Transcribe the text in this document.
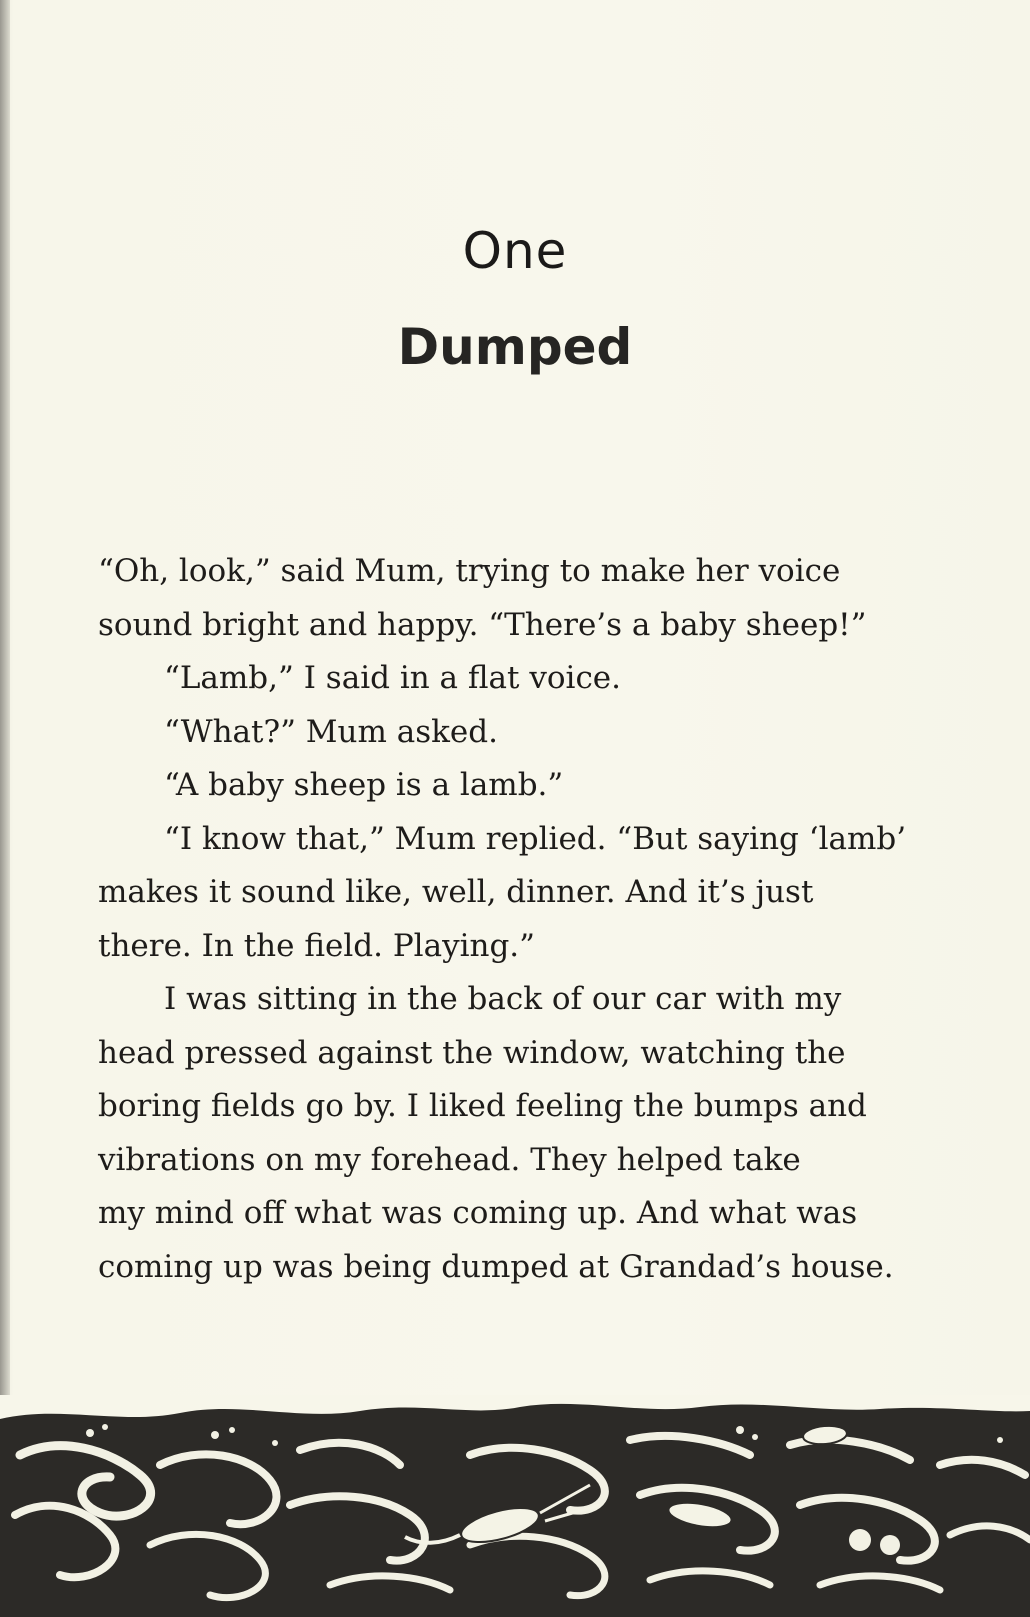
One
Dumped
“Oh, look,” said Mum, trying to make her voice
sound bright and happy. “There’s a baby sheep!”
“Lamb,” I said in a flat voice.
“What?” Mum asked.
“A baby sheep is a lamb.”
“I know that,” Mum replied. “But saying ‘lamb’
makes it sound like, well, dinner. And it’s just
there. In the field. Playing.”
I was sitting in the back of our car with my
head pressed against the window, watching the
boring fields go by. I liked feeling the bumps and
vibrations on my forehead. They helped take
my mind off what was coming up. And what was
coming up was being dumped at Grandad’s house.
